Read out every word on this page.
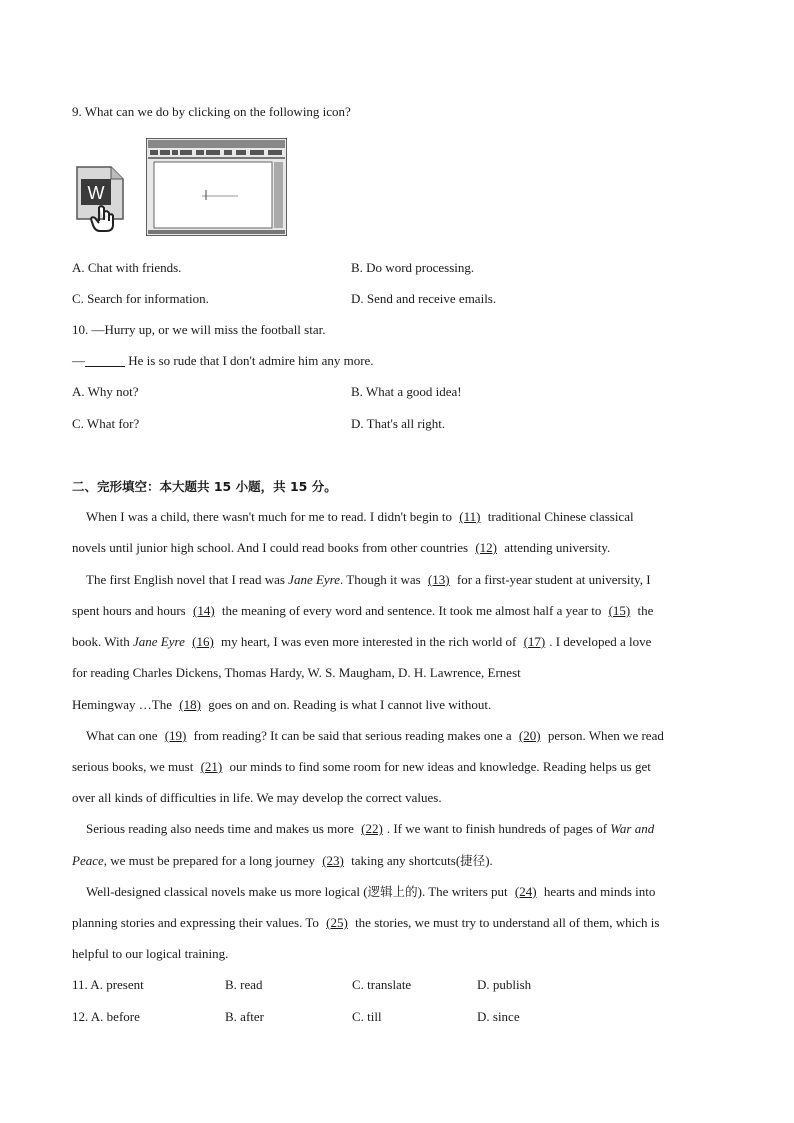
9. What can we do by clicking on the following icon?
W
A. Chat with friends.	B. Do word processing.
C. Search for information.	D. Send and receive emails.
10. —Hurry up, or we will miss the football star.
—	He is so rude that I don't admire him any more.
A. Why not?	B. What a good idea!
C. What for?	D. That's all right.
二、完形填空：本大题共 15 小题，共 15 分。
When I was a child, there wasn't much for me to read. I didn't begin to (11) traditional Chinese classical
novels until junior high school. And I could read books from other countries (12) attending university.
The first English novel that I read was Jane Eyre. Though it was (13) for a first-year student at university, I
spent hours and hours (14) the meaning of every word and sentence. It took me almost half a year to (15) the
book. With Jane Eyre (16) my heart, I was even more interested in the rich world of (17) . I developed a love
for reading Charles Dickens, Thomas Hardy, W. S. Maugham, D. H. Lawrence, Ernest
Hemingway …The (18) goes on and on. Reading is what I cannot live without.
What can one (19) from reading? It can be said that serious reading makes one a (20) person. When we read
serious books, we must (21) our minds to find some room for new ideas and knowledge. Reading helps us get
over all kinds of difficulties in life. We may develop the correct values.
Serious reading also needs time and makes us more (22) . If we want to finish hundreds of pages of War and
Peace, we must be prepared for a long journey (23) taking any shortcuts(捷径).
Well-designed classical novels make us more logical (逻辑上的). The writers put (24) hearts and minds into
planning stories and expressing their values. To (25) the stories, we must try to understand all of them, which is
helpful to our logical training.
11. A. present	B. read	C. translate	D. publish
12. A. before	B. after	C. till	D. since
